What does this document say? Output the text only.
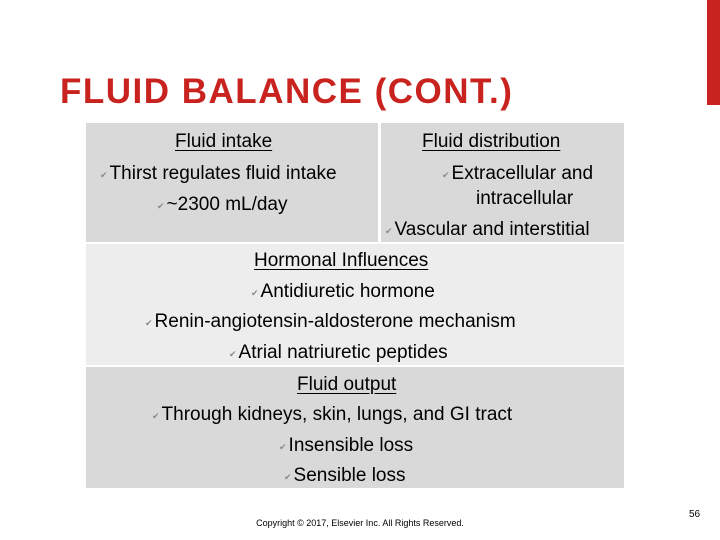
FLUID BALANCE (CONT.)
Fluid intake
✔ Thirst regulates fluid intake
✔ ~2300 mL/day
Fluid distribution
✔ Extracellular and
intracellular
✔ Vascular and interstitial
Hormonal Influences
✔ Antidiuretic hormone
✔ Renin-angiotensin-aldosterone mechanism
✔ Atrial natriuretic peptides
Fluid output
✔ Through kidneys, skin, lungs, and GI tract
✔ Insensible loss
✔ Sensible loss
Copyright © 2017, Elsevier Inc. All Rights Reserved.
56
